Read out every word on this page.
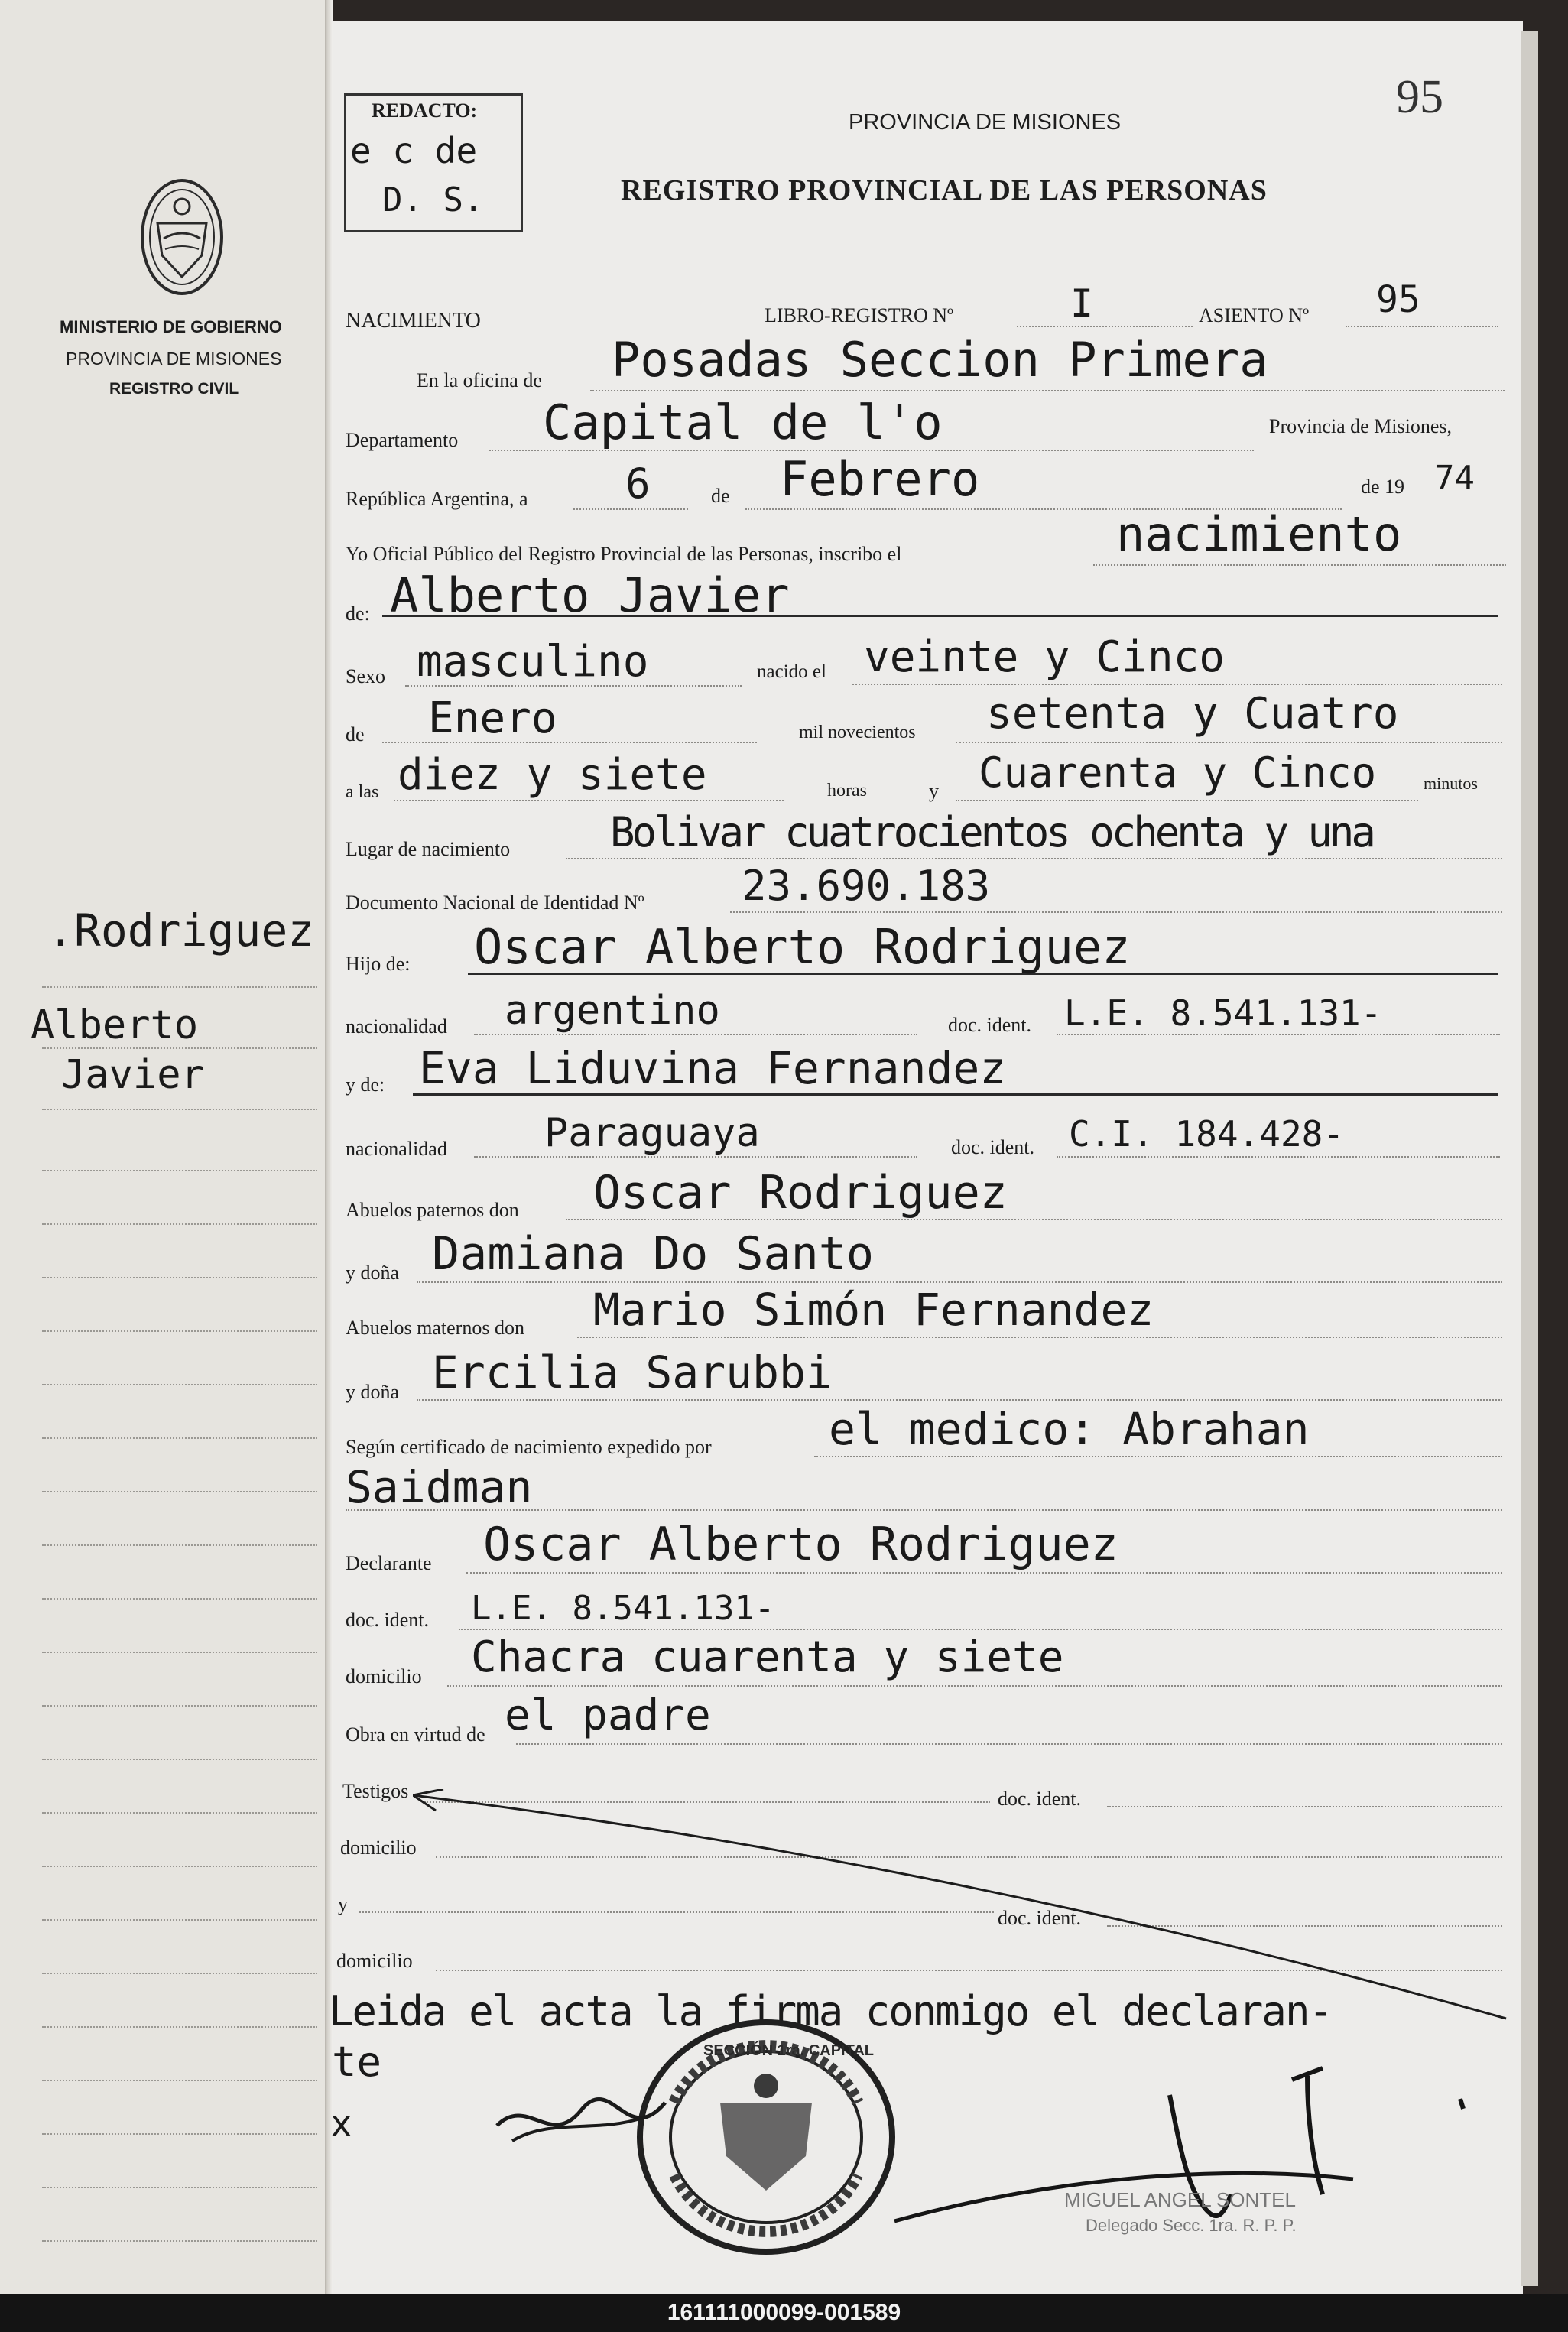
MINISTERIO DE GOBIERNO
PROVINCIA DE MISIONES
REGISTRO CIVIL
.Rodriguez
Alberto
Javier
REDACTO:
e c de
D. S.
95
PROVINCIA DE MISIONES
REGISTRO PROVINCIAL DE LAS PERSONAS
NACIMIENTO	LIBRO-REGISTRO Nº	I	ASIENTO Nº 95
En la oficina de Posadas Seccion Primera
Departamento Capital de l'o	Provincia de Misiones,
República Argentina, a 6	de Febrero	de 19 74
Yo Oficial Público del Registro Provincial de las Personas, inscribo el	nacimiento
de: Alberto Javier
Sexo masculino	nacido el veinte y Cinco
de Enero	mil novecientos setenta y Cuatro
a las diez y siete	horas	y Cuarenta y Cinco	minutos
Lugar de nacimiento Bolivar cuatrocientos ochenta y una
Documento Nacional de Identidad Nº 23.690.183
Hijo de: Oscar Alberto Rodriguez
nacionalidad argentino	doc. ident. L.E. 8.541.131-
y de: Eva Liduvina Fernandez
nacionalidad Paraguaya	doc. ident. C.I. 184.428-
Abuelos paternos don Oscar Rodriguez
y doña Damiana Do Santo
Abuelos maternos don Mario Simón Fernandez
y doña Ercilia Sarubbi
Según certificado de nacimiento expedido por	el medico: Abrahan
Saidman
Declarante Oscar Alberto Rodriguez
doc. ident. L.E. 8.541.131-
domicilio Chacra cuarenta y siete
Obra en virtud de el padre
Testigos	doc. ident.
domicilio
y
doc. ident.
domicilio
Leida el acta la firma conmigo el declaran-
te
x
SECCIÓN 1ra. CAPITAL
MIGUEL ANGEL SONTEL
Delegado Secc. 1ra. R. P. P.
161111000099-001589
